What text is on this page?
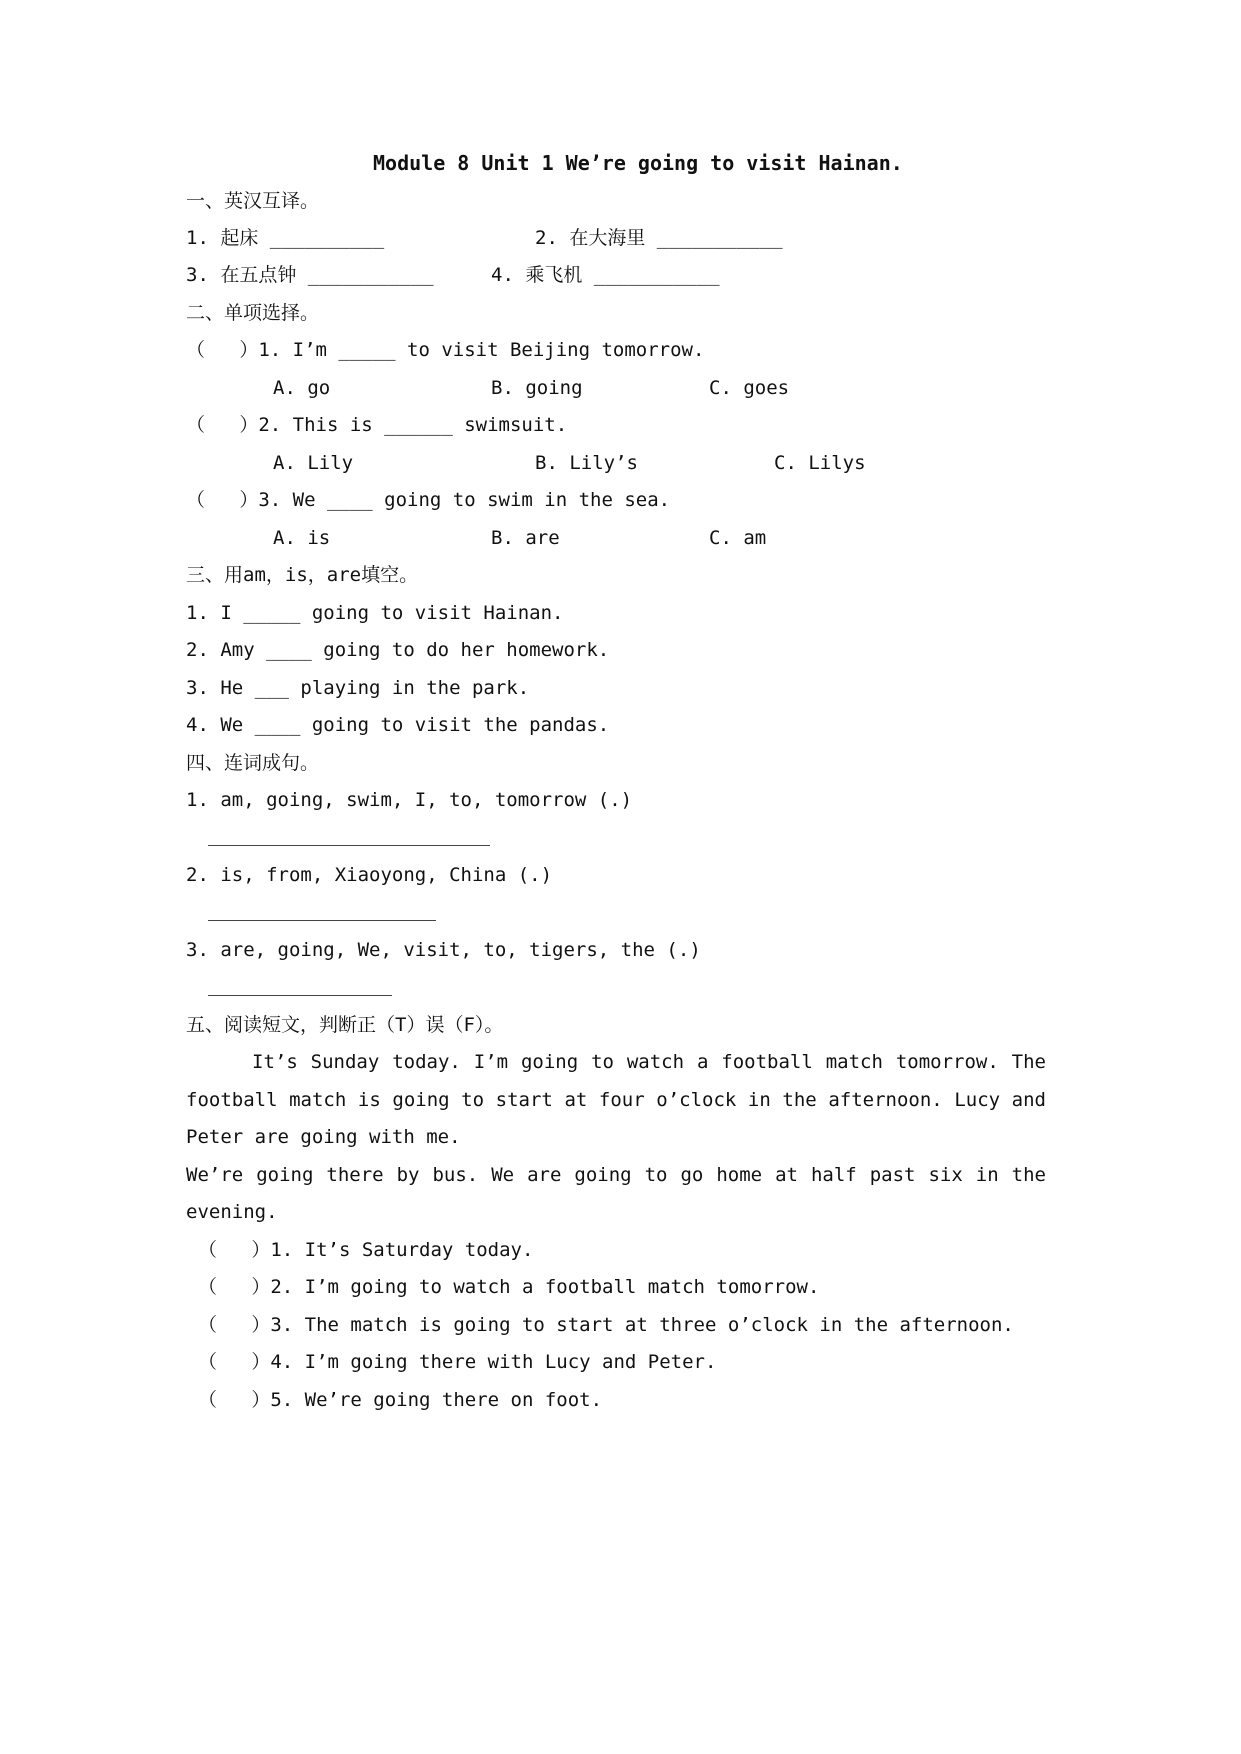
Module 8 Unit 1 We’re going to visit Hainan.
一、英汉互译。
1. 起床 __________	2. 在大海里 ___________
3. 在五点钟 ___________	4. 乘飞机 ___________
二、单项选择。
（   ）1. I’m _____ to visit Beijing tomorrow.
A. go	B. going	C. goes
（   ）2. This is ______ swimsuit.
A. Lily	B. Lily’s	C. Lilys
（   ）3. We ____ going to swim in the sea.
A. is	B. are	C. am
三、用am，is，are填空。
1. I _____ going to visit Hainan.
2. Amy ____ going to do her homework.
3. He ___ playing in the park.
4. We ____ going to visit the pandas.
四、连词成句。
1. am, going, swim, I, to, tomorrow (.)
2. is, from, Xiaoyong, China (.)
3. are, going, We, visit, to, tigers, the (.)
五、阅读短文，判断正（T）误（F）。
It’s Sunday today. I’m going to watch a football match tomorrow. The
football match is going to start at four o’clock in the afternoon. Lucy and
Peter are going with me.
We’re going there by bus. We are going to go home at half past six in the
evening.
（   ）1. It’s Saturday today.
（   ）2. I’m going to watch a football match tomorrow.
（   ）3. The match is going to start at three o’clock in the afternoon.
（   ）4. I’m going there with Lucy and Peter.
（   ）5. We’re going there on foot.
